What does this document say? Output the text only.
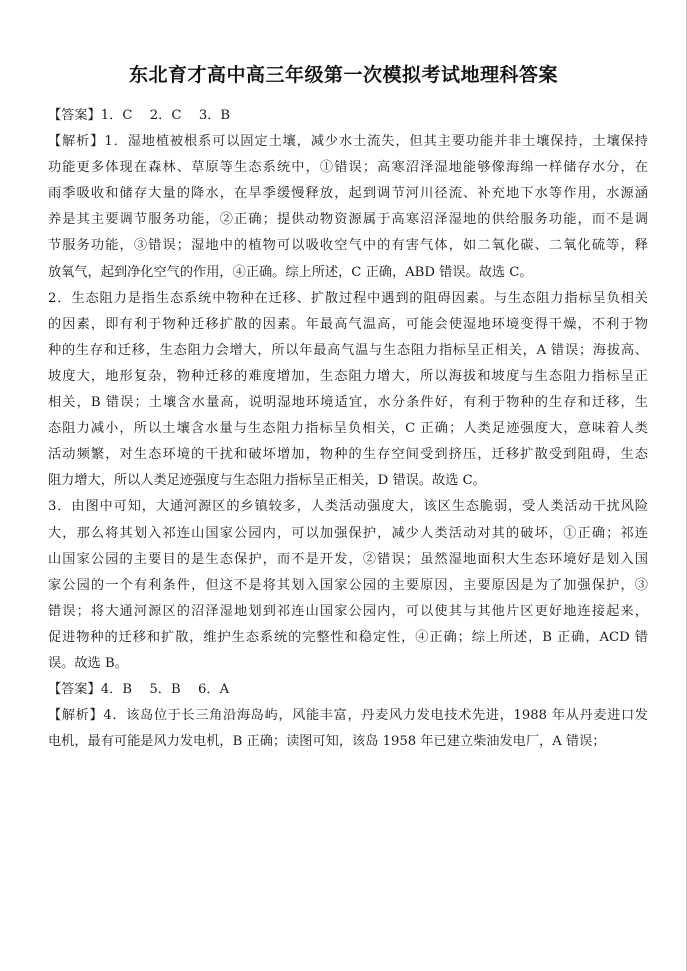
东北育才高中高三年级第一次模拟考试地理科答案
【答案】1．C　 2．C　 3．B
【解析】1．湿地植被根系可以固定土壤，减少水土流失，但其主要功能并非土壤保持，土壤保持
功能更多体现在森林、草原等生态系统中，①错误；高寒沼泽湿地能够像海绵一样储存水分，在
雨季吸收和储存大量的降水，在旱季缓慢释放，起到调节河川径流、补充地下水等作用，水源涵
养是其主要调节服务功能，②正确；提供动物资源属于高寒沼泽湿地的供给服务功能，而不是调
节服务功能，③错误；湿地中的植物可以吸收空气中的有害气体，如二氧化碳、二氧化硫等，释
放氧气，起到净化空气的作用，④正确。综上所述，C 正确，ABD 错误。故选 C。
2．生态阻力是指生态系统中物种在迁移、扩散过程中遇到的阻碍因素。与生态阻力指标呈负相关
的因素，即有利于物种迁移扩散的因素。年最高气温高，可能会使湿地环境变得干燥，不利于物
种的生存和迁移，生态阻力会增大，所以年最高气温与生态阻力指标呈正相关，A 错误；海拔高、
坡度大，地形复杂，物种迁移的难度增加，生态阻力增大，所以海拔和坡度与生态阻力指标呈正
相关，B 错误；土壤含水量高，说明湿地环境适宜，水分条件好，有利于物种的生存和迁移，生
态阻力减小，所以土壤含水量与生态阻力指标呈负相关，C 正确；人类足迹强度大，意味着人类
活动频繁，对生态环境的干扰和破坏增加，物种的生存空间受到挤压，迁移扩散受到阻碍，生态
阻力增大，所以人类足迹强度与生态阻力指标呈正相关，D 错误。故选 C。
3．由图中可知，大通河源区的乡镇较多，人类活动强度大，该区生态脆弱，受人类活动干扰风险
大，那么将其划入祁连山国家公园内，可以加强保护，减少人类活动对其的破坏，①正确；祁连
山国家公园的主要目的是生态保护，而不是开发，②错误；虽然湿地面积大生态环境好是划入国
家公园的一个有利条件，但这不是将其划入国家公园的主要原因，主要原因是为了加强保护，③
错误；将大通河源区的沼泽湿地划到祁连山国家公园内，可以使其与其他片区更好地连接起来，
促进物种的迁移和扩散，维护生态系统的完整性和稳定性，④正确；综上所述，B 正确，ACD 错
误。故选 B。
【答案】4．B　 5．B　 6．A
【解析】4．该岛位于长三角沿海岛屿，风能丰富，丹麦风力发电技术先进，1988 年从丹麦进口发
电机，最有可能是风力发电机，B 正确；读图可知，该岛 1958 年已建立柴油发电厂，A 错误；
